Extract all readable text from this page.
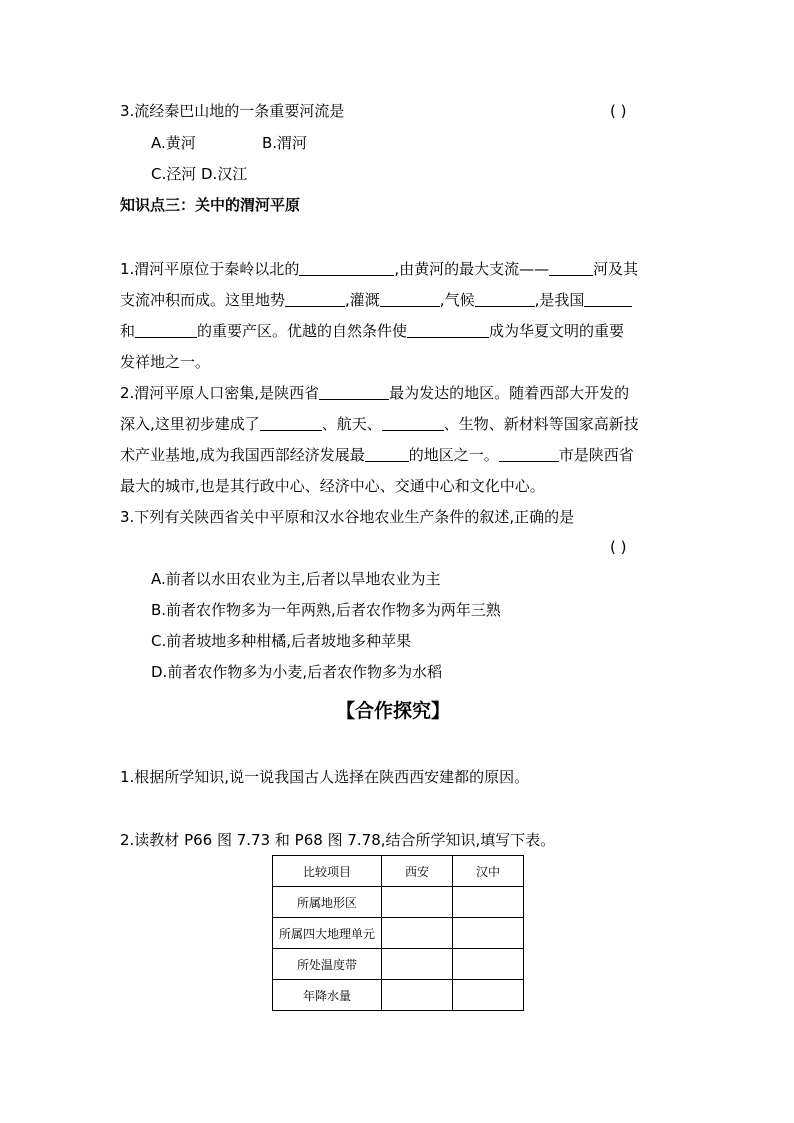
3.流经秦巴山地的一条重要河流是	( )
A.黄河	B.渭河
C.泾河 D.汉江
知识点三：关中的渭河平原
1.渭河平原位于秦岭以北的	,由黄河的最大支流——	河及其
支流冲积而成。这里地势	,灌溉	,气候	,是我国
和	的重要产区。优越的自然条件使	成为华夏文明的重要
发祥地之一。
2.渭河平原人口密集,是陕西省	最为发达的地区。随着西部大开发的
深入,这里初步建成了	、航天、	、生物、新材料等国家高新技
术产业基地,成为我国西部经济发展最	的地区之一。	市是陕西省
最大的城市,也是其行政中心、经济中心、交通中心和文化中心。
3.下列有关陕西省关中平原和汉水谷地农业生产条件的叙述,正确的是
( )
A.前者以水田农业为主,后者以旱地农业为主
B.前者农作物多为一年两熟,后者农作物多为两年三熟
C.前者坡地多种柑橘,后者坡地多种苹果
D.前者农作物多为小麦,后者农作物多为水稻
【合作探究】
1.根据所学知识,说一说我国古人选择在陕西西安建都的原因。
2.读教材 P66 图 7.73 和 P68 图 7.78,结合所学知识,填写下表。
比较项目	西安	汉中
所属地形区		
所属四大地理单元		
所处温度带		
年降水量		
